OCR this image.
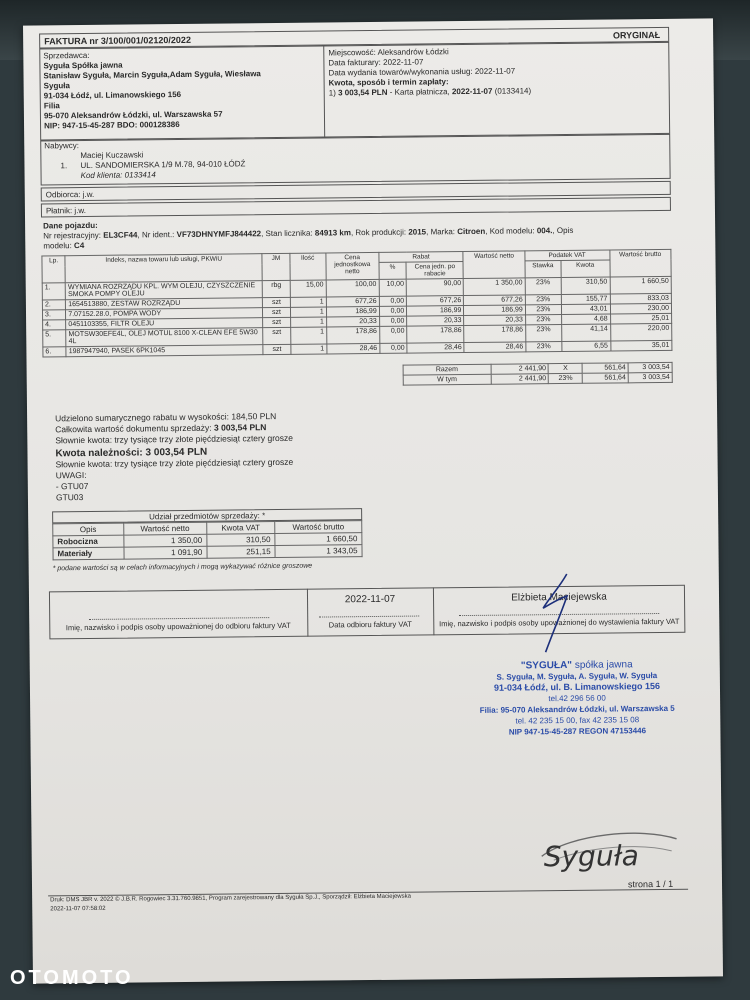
FAKTURA nr 3/100/001/02120/2022	ORYGINAŁ
Sprzedawca:
Syguła Spółka jawna
Stanisław Syguła, Marcin Syguła,Adam Syguła, Wiesława
Syguła
91-034 Łódź, ul. Limanowskiego 156
Filia
95-070 Aleksandrów Łódzki, ul. Warszawska 57
NIP: 947-15-45-287 BDO: 000128386
Miejscowość: Aleksandrów Łódzki
Data fakturary: 2022-11-07
Data wydania towarów/wykonania usług: 2022-11-07
Kwota, sposób i termin zapłaty:
1) 3 003,54 PLN - Karta płatnicza, 2022-11-07 (0133414)
Nabywcy:
1.
Maciej Kuczawski
UL. SANDOMIERSKA 1/9 M.78, 94-010 ŁÓDŹ
Kod klienta: 0133414
Odbiorca: j.w.
Płatnik: j.w.
Dane pojazdu:
Nr rejestracyjny: EL3CF44, Nr ident.: VF73DHNYMFJ844422, Stan licznika: 84913 km, Rok produkcji: 2015, Marka: Citroen, Kod modelu: 004., Opis
modelu: C4
Lp.	Indeks, nazwa towaru lub usługi, PKWiU	JM	Ilość	Cena jednostkowa netto	Rabat		Wartość netto	Podatek VAT		Wartość brutto
					%	Cena jedn. po rabacie		Stawka	Kwota	
1.	WYMIANA ROZRZĄDU KPL. WYM OLEJU, CZYSZCZENIE SMOKA POMPY OLEJU	rbg	15,00	100,00	10,00	90,00	1 350,00	23%	310,50	1 660,50
2.	1654513880, ZESTAW ROZRZĄDU	szt	1	677,26	0,00	677,26	677,26	23%	155,77	833,03
3.	7.07152.28.0, POMPA WODY	szt	1	186,99	0,00	186,99	186,99	23%	43,01	230,00
4.	0451103355, FILTR OLEJU	szt	1	20,33	0,00	20,33	20,33	23%	4,68	25,01
5.	MOTSW30EFE4L, OLEJ MOTUL 8100 X-CLEAN EFE 5W30 4L	szt	1	178,86	0,00	178,86	178,86	23%	41,14	220,00
6.	1987947940, PASEK 6PK1045	szt	1	28,46	0,00	28,46	28,46	23%	6,55	35,01
Razem	2 441,90	X	561,64	3 003,54
W tym	2 441,90	23%	561,64	3 003,54
Udzielono sumarycznego rabatu w wysokości: 184,50 PLN
Całkowita wartość dokumentu sprzedaży: 3 003,54 PLN
Słownie kwota: trzy tysiące trzy złote pięćdziesiąt cztery grosze
Kwota należności: 3 003,54 PLN
Słownie kwota: trzy tysiące trzy złote pięćdziesiąt cztery grosze
UWAGI:
- GTU07
GTU03
Udział przedmiotów sprzedaży: *
Opis	Wartość netto	Kwota VAT	Wartość brutto
Robocizna	1 350,00	310,50	1 660,50
Materiały	1 091,90	251,15	1 343,05
* podane wartości są w celach informacyjnych i mogą wykazywać różnice groszowe
Imię, nazwisko i podpis osoby upoważnionej do odbioru faktury VAT
2022-11-07
Data odbioru faktury VAT
Elżbieta Maciejewska
Imię, nazwisko i podpis osoby upoważnionej do wystawienia faktury VAT
"SYGUŁA" spółka jawna
S. Syguła, M. Syguła, A. Syguła, W. Syguła
91-034 Łódź, ul. B. Limanowskiego 156
tel.42 296 56 00
Filia: 95-070 Aleksandrów Łódzki, ul. Warszawska 5
tel. 42 235 15 00, fax 42 235 15 08
NIP 947-15-45-287 REGON 47153446
Syguła
Druk: DMS JBR v. 2022 © J.B.R. Rogowiec 3.31.760.9851, Program zarejestrowany dla Syguła Sp.J., Sporządził: Elżbieta Maciejewska
2022-11-07 07:58:02
strona 1 / 1
OTOMOTO
